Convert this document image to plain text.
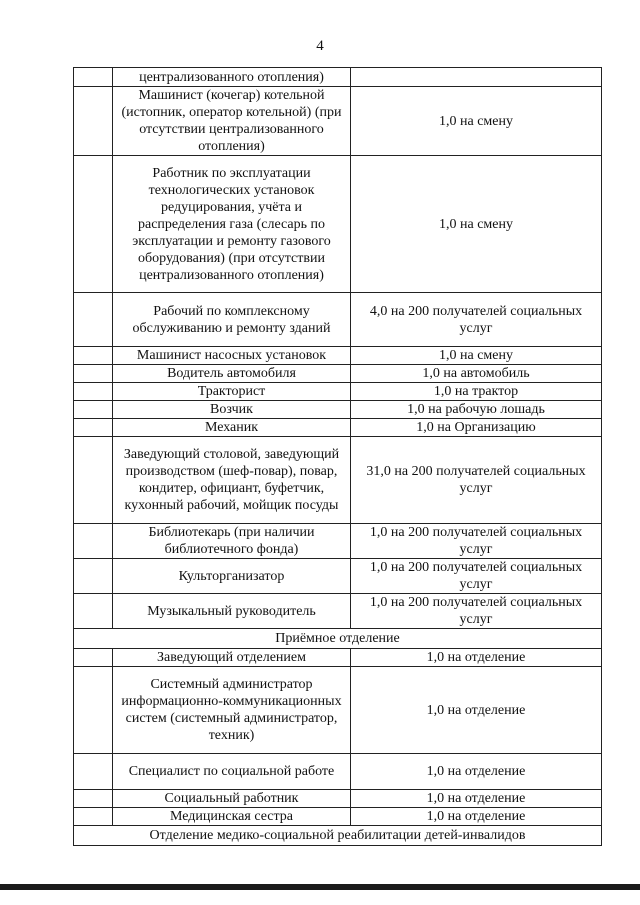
4
	централизованного отопления)	
	Машинист (кочегар) котельной (истопник, оператор котельной) (при отсутствии централизованного отопления)	1,0 на смену
	Работник по эксплуатации технологических установок редуцирования, учёта и распределения газа (слесарь по эксплуатации и ремонту газового оборудования) (при отсутствии централизованного отопления)	1,0 на смену
	Рабочий по комплексному обслуживанию и ремонту зданий	4,0 на 200 получателей социальных услуг
	Машинист насосных установок	1,0 на смену
	Водитель автомобиля	1,0 на автомобиль
	Тракторист	1,0 на трактор
	Возчик	1,0 на рабочую лошадь
	Механик	1,0 на Организацию
	Заведующий столовой, заведующий производством (шеф-повар), повар, кондитер, официант, буфетчик, кухонный рабочий, мойщик посуды	31,0 на 200 получателей социальных услуг
	Библиотекарь (при наличии библиотечного фонда)	1,0 на 200 получателей социальных услуг
	Культорганизатор	1,0 на 200 получателей социальных услуг
	Музыкальный руководитель	1,0 на 200 получателей социальных услуг
Приёмное отделение		
	Заведующий отделением	1,0 на отделение
	Системный администратор информационно-коммуникационных систем (системный администратор, техник)	1,0 на отделение
	Специалист по социальной работе	1,0 на отделение
	Социальный работник	1,0 на отделение
	Медицинская сестра	1,0 на отделение
Отделение медико-социальной реабилитации детей-инвалидов		
